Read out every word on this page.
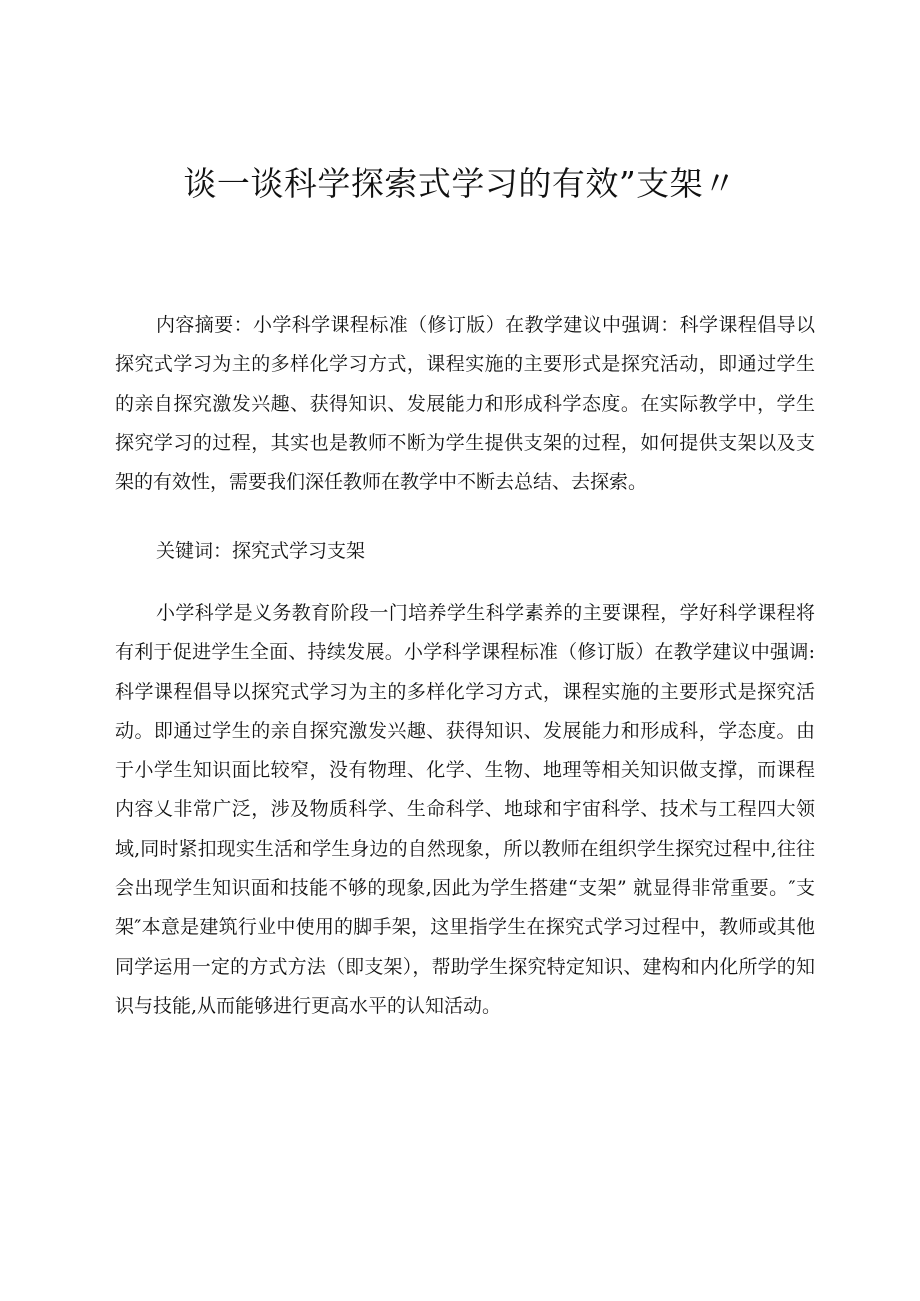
谈一谈科学探索式学习的有效”支架〃

内容摘要：小学科学课程标准（修订版）在教学建议中强调：科学课程倡导以探究式学习为主的多样化学习方式，课程实施的主要形式是探究活动，即通过学生的亲自探究激发兴趣、获得知识、发展能力和形成科学态度。在实际教学中，学生探究学习的过程，其实也是教师不断为学生提供支架的过程，如何提供支架以及支架的有效性，需要我们深任教师在教学中不断去总结、去探索。

关键词：探究式学习支架

小学科学是义务教育阶段一门培养学生科学素养的主要课程，学好科学课程将有利于促进学生全面、持续发展。小学科学课程标准（修订版）在教学建议中强调:科学课程倡导以探究式学习为主的多样化学习方式，课程实施的主要形式是探究活动。即通过学生的亲自探究激发兴趣、获得知识、发展能力和形成科，学态度。由于小学生知识面比较窄，没有物理、化学、生物、地理等相关知识做支撑，而课程内容乂非常广泛，涉及物质科学、生命科学、地球和宇宙科学、技术与工程四大领域,同时紧扣现实生活和学生身边的自然现象，所以教师在组织学生探究过程中,往往会出现学生知识面和技能不够的现象,因此为学生搭建“支架” 就显得非常重要。″支架″本意是建筑行业中使用的脚手架，这里指学生在探究式学习过程中，教师或其他同学运用一定的方式方法（即支架），帮助学生探究特定知识、建构和内化所学的知识与技能,从而能够进行更高水平的认知活动。
